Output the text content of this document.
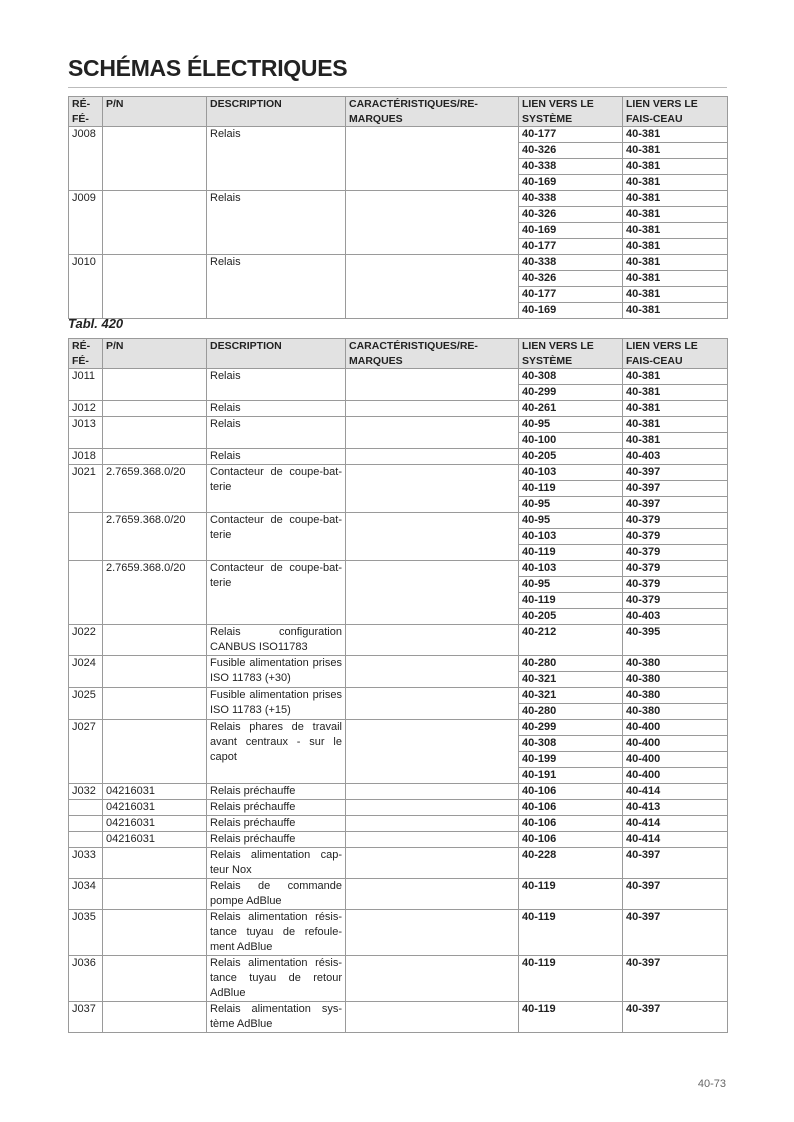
SCHÉMAS ÉLECTRIQUES
RÉ-FÉ-	P/N	DESCRIPTION	CARACTÉRISTIQUES/RE-MARQUES	LIEN VERS LE SYSTÈME	LIEN VERS LE FAIS-CEAU
J008		Relais		40-177	40-381
				40-326	40-381
				40-338	40-381
				40-169	40-381
J009		Relais		40-338	40-381
				40-326	40-381
				40-169	40-381
				40-177	40-381
J010		Relais		40-338	40-381
				40-326	40-381
				40-177	40-381
				40-169	40-381
Tabl. 420
RÉ-FÉ-	P/N	DESCRIPTION	CARACTÉRISTIQUES/RE-MARQUES	LIEN VERS LE SYSTÈME	LIEN VERS LE FAIS-CEAU
J011		Relais		40-308	40-381
				40-299	40-381
J012		Relais		40-261	40-381
J013		Relais		40-95	40-381
				40-100	40-381
J018		Relais		40-205	40-403
J021	2.7659.368.0/20	Contacteur de coupe-bat-terie		40-103	40-397
				40-119	40-397
				40-95	40-397
	2.7659.368.0/20	Contacteur de coupe-bat-terie		40-95	40-379
				40-103	40-379
				40-119	40-379
	2.7659.368.0/20	Contacteur de coupe-bat-terie		40-103	40-379
				40-95	40-379
				40-119	40-379
				40-205	40-403
J022		Relais configuration CANBUS ISO11783		40-212	40-395
J024		Fusible alimentation prises ISO 11783 (+30)		40-280	40-380
				40-321	40-380
J025		Fusible alimentation prises ISO 11783 (+15)		40-321	40-380
				40-280	40-380
J027		Relais phares de travail avant centraux - sur le capot		40-299	40-400
				40-308	40-400
				40-199	40-400
				40-191	40-400
J032	04216031	Relais préchauffe		40-106	40-414
	04216031	Relais préchauffe		40-106	40-413
	04216031	Relais préchauffe		40-106	40-414
	04216031	Relais préchauffe		40-106	40-414
J033		Relais alimentation cap-teur Nox		40-228	40-397
J034		Relais de commande pompe AdBlue		40-119	40-397
J035		Relais alimentation résis-tance tuyau de refoule-ment AdBlue		40-119	40-397
J036		Relais alimentation résis-tance tuyau de retour AdBlue		40-119	40-397
J037		Relais alimentation sys-tème AdBlue		40-119	40-397
40-73
